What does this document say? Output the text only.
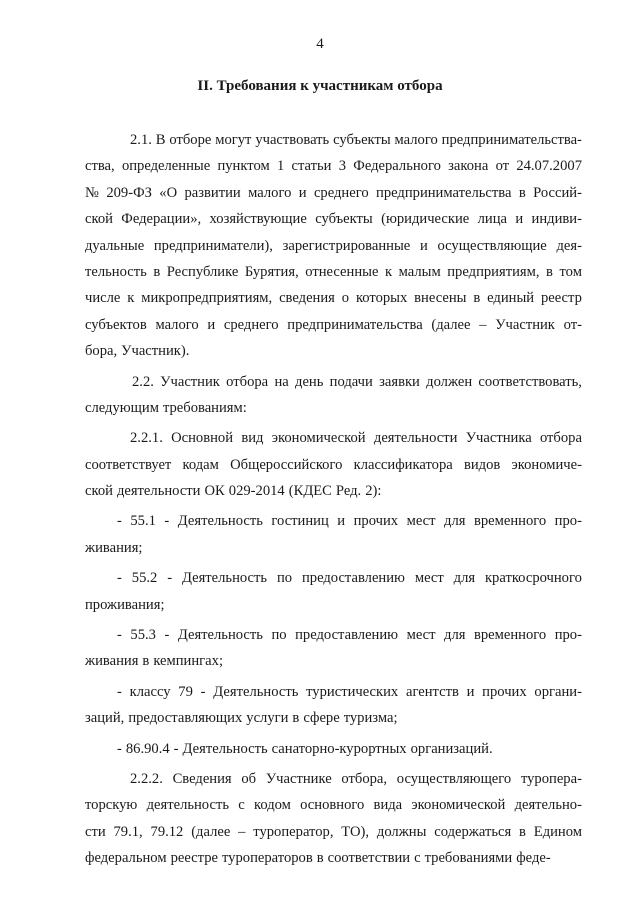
4
II. Требования к участникам отбора
2.1. В отборе могут участвовать субъекты малого предпринимательства-
ства, определенные пунктом 1 статьи 3 Федерального закона от 24.07.2007
№ 209-ФЗ «О развитии малого и среднего предпринимательства в Россий-
ской Федерации», хозяйствующие субъекты (юридические лица и индиви-
дуальные предприниматели), зарегистрированные и осуществляющие дея-
тельность в Республике Бурятия, отнесенные к малым предприятиям, в том
числе к микропредприятиям, сведения о которых внесены в единый реестр
субъектов малого и среднего предпринимательства (далее – Участник от-
бора, Участник).
2.2. Участник отбора на день подачи заявки должен соответствовать,
следующим требованиям:
2.2.1. Основной вид экономической деятельности Участника отбора
соответствует кодам Общероссийского классификатора видов экономиче-
ской деятельности ОК 029-2014 (КДЕС Ред. 2):
- 55.1 - Деятельность гостиниц и прочих мест для временного про-
живания;
- 55.2 - Деятельность по предоставлению мест для краткосрочного
проживания;
- 55.3 - Деятельность по предоставлению мест для временного про-
живания в кемпингах;
- классу 79 - Деятельность туристических агентств и прочих органи-
заций, предоставляющих услуги в сфере туризма;
- 86.90.4 - Деятельность санаторно-курортных организаций.
2.2.2. Сведения об Участнике отбора, осуществляющего туропера-
торскую деятельность с кодом основного вида экономической деятельно-
сти 79.1, 79.12 (далее – туроператор, ТО), должны содержаться в Едином
федеральном реестре туроператоров в соответствии с требованиями феде-
